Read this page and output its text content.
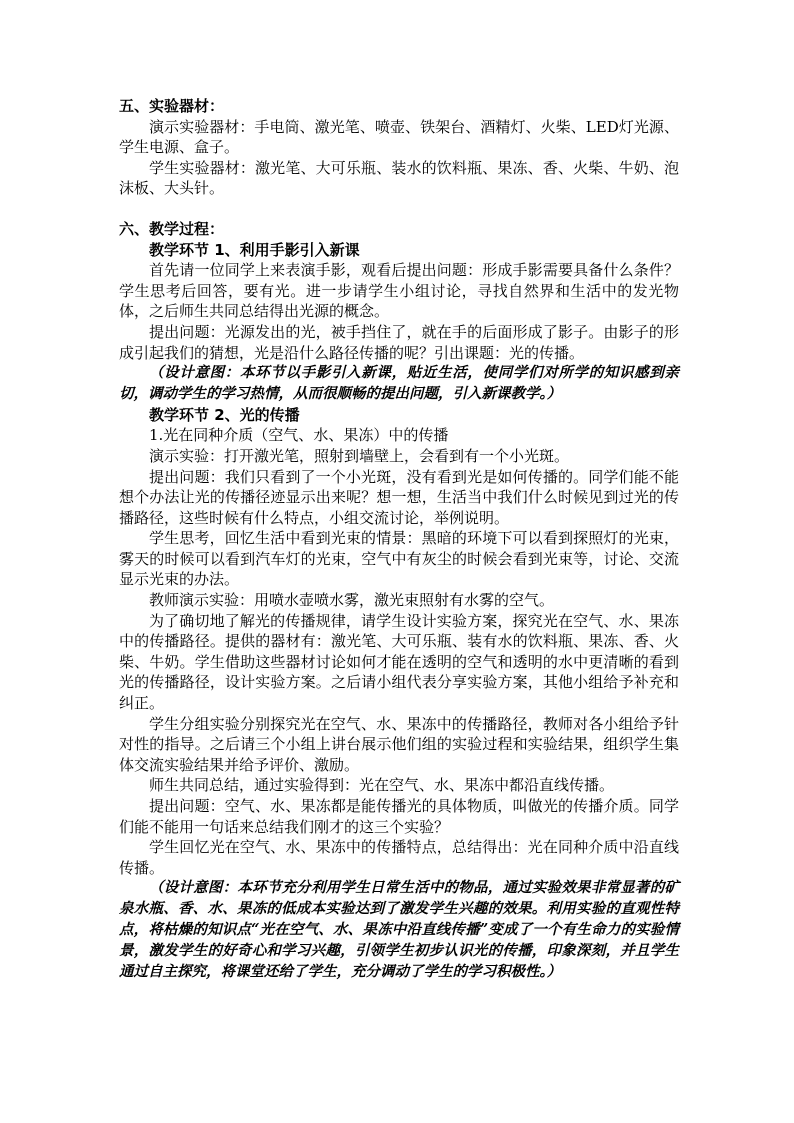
五、实验器材：

演示实验器材：手电筒、激光笔、喷壶、铁架台、酒精灯、火柴、LED灯光源、学生电源、盒子。

学生实验器材：激光笔、大可乐瓶、装水的饮料瓶、果冻、香、火柴、牛奶、泡沫板、大头针。

六、教学过程：

教学环节 1、利用手影引入新课

首先请一位同学上来表演手影，观看后提出问题：形成手影需要具备什么条件？学生思考后回答，要有光。进一步请学生小组讨论，寻找自然界和生活中的发光物体，之后师生共同总结得出光源的概念。

提出问题：光源发出的光，被手挡住了，就在手的后面形成了影子。由影子的形成引起我们的猜想，光是沿什么路径传播的呢？引出课题：光的传播。

（设计意图：本环节以手影引入新课，贴近生活，使同学们对所学的知识感到亲切，调动学生的学习热情，从而很顺畅的提出问题，引入新课教学。）

教学环节 2、光的传播

1.光在同种介质（空气、水、果冻）中的传播

演示实验：打开激光笔，照射到墙壁上，会看到有一个小光斑。

提出问题：我们只看到了一个小光斑，没有看到光是如何传播的。同学们能不能想个办法让光的传播径迹显示出来呢？想一想，生活当中我们什么时候见到过光的传播路径，这些时候有什么特点，小组交流讨论，举例说明。

学生思考，回忆生活中看到光束的情景：黑暗的环境下可以看到探照灯的光束，雾天的时候可以看到汽车灯的光束，空气中有灰尘的时候会看到光束等，讨论、交流显示光束的办法。

教师演示实验：用喷水壶喷水雾，激光束照射有水雾的空气。

为了确切地了解光的传播规律，请学生设计实验方案，探究光在空气、水、果冻中的传播路径。提供的器材有：激光笔、大可乐瓶、装有水的饮料瓶、果冻、香、火柴、牛奶。学生借助这些器材讨论如何才能在透明的空气和透明的水中更清晰的看到光的传播路径，设计实验方案。之后请小组代表分享实验方案，其他小组给予补充和纠正。

学生分组实验分别探究光在空气、水、果冻中的传播路径，教师对各小组给予针对性的指导。之后请三个小组上讲台展示他们组的实验过程和实验结果，组织学生集体交流实验结果并给予评价、激励。

师生共同总结，通过实验得到：光在空气、水、果冻中都沿直线传播。

提出问题：空气、水、果冻都是能传播光的具体物质，叫做光的传播介质。同学们能不能用一句话来总结我们刚才的这三个实验？

学生回忆光在空气、水、果冻中的传播特点，总结得出：光在同种介质中沿直线传播。

（设计意图：本环节充分利用学生日常生活中的物品，通过实验效果非常显著的矿泉水瓶、香、水、果冻的低成本实验达到了激发学生兴趣的效果。利用实验的直观性特点，将枯燥的知识点“光在空气、水、果冻中沿直线传播”变成了一个有生命力的实验情景，激发学生的好奇心和学习兴趣，引领学生初步认识光的传播，印象深刻，并且学生通过自主探究，将课堂还给了学生，充分调动了学生的学习积极性。）
